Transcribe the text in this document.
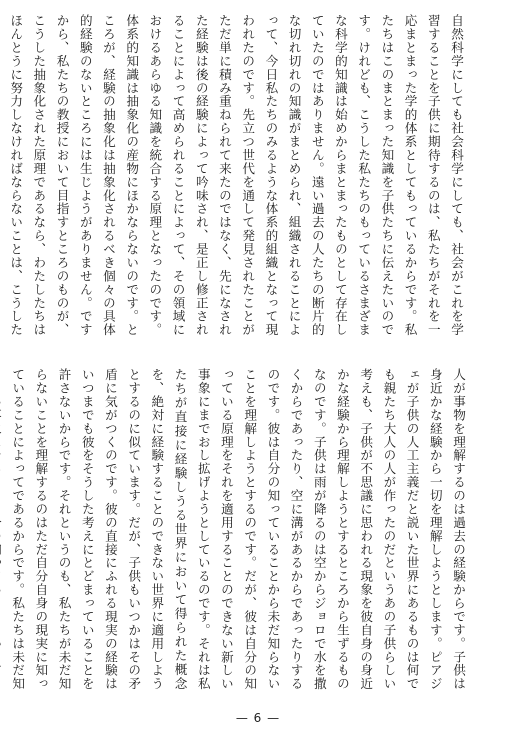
自然科学にしても社会科学にしても、社会がこれを学習することを子供に期待するのは、私たちがそれを一応まとまった学的体系としてもっているからです。私たちはこのまとまった知識を子供たちに伝えたいのです。けれども、こうした私たちのもっているさまざまな科学的知識は始めからまとまったものとして存在していたのではありません。遠い過去の人たちの断片的な切れ切れの知識がまとめられ、組織されることによって、今日私たちのみるような体系的組織となって現われたのです。先立つ世代を通して発見されたことがただ単に積み重ねられて来たのではなく、先になされた経験は後の経験によって吟味され、是正し修正されることによって高められることによって、その領域におけるあらゆる知識を統合する原理となったのです。体系的知識は抽象化の産物にほかならないのです。ところが、経験の抽象化は抽象化されるべき個々の具体的経験のないところには生じようがありません。ですから、私たちの教授において目指すところのものが、こうした抽象化された原理であるなら、わたしたちはほんとうに努力しなければならないことは、こうした

人が事物を理解するのは過去の経験からです。子供は身近かな経験から一切を理解しようとします。ピアジェが子供の人工主義だと説いた世界にあるものは何でも親たち大人の人が作ったのだというあの子供らしい考えも、子供が不思議に思われる現象を彼自身の身近かな経験から理解しようとするところから生ずるものなのです。子供は雨が降るのは空からジョロで水を撒くからであったり、空に溝があるからであったりするのです。彼は自分の知っていることから未だ知らないことを理解しようとするのです。だが、彼は自分の知っている原理をそれを適用することのできない新しい事象にまでおし拡げようとしているのです。それは私たちが直接に経験しうる世界において得られた概念を、絶対に経験することのできない世界に適用しようとするのに似ています。だが、子供もいつかはその矛盾に気がつくのです。彼の直接にふれる現実の経験はいつまでも彼をそうした考えにとどまっていることを許さないからです。それというのも、私たちが未だ知らないことを理解するのはただ自分自身の現実に知っていることによってであるからです。私たちは未だ知

— 6 —
